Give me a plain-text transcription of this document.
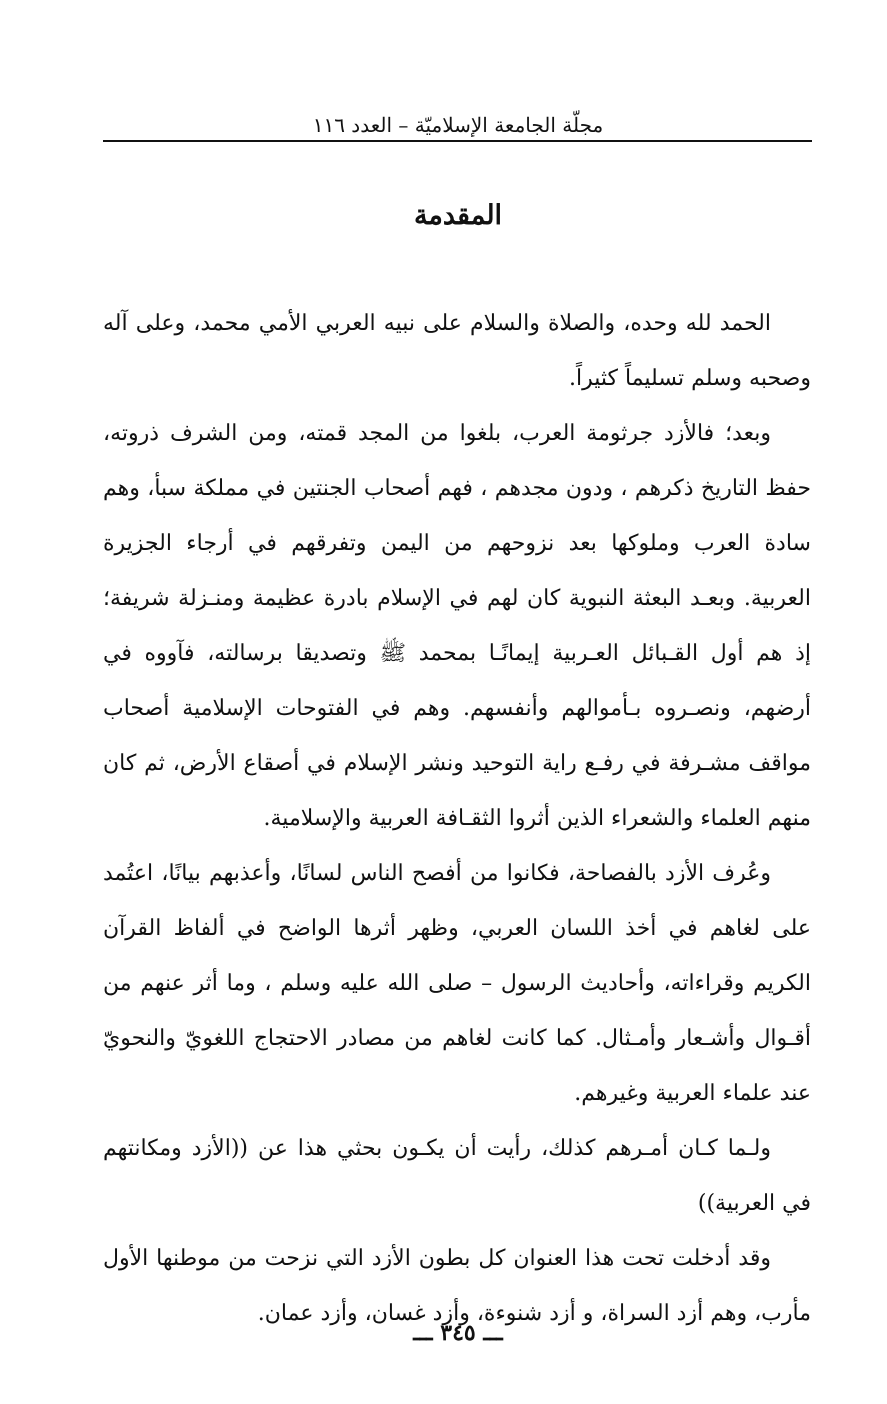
مجلّة الجامعة الإسلاميّة – العدد ١١٦
المقدمة

الحمد لله وحده، والصلاة والسلام على نبيه العربي الأمي محمد، وعلى آله وصحبه وسلم تسليماً كثيراً.

وبعد؛ فالأزد جرثومة العرب، بلغوا من المجد قمته، ومن الشرف ذروته، حفظ التاريخ ذكرهم ، ودون مجدهم ، فهم أصحاب الجنتين في مملكة سبأ، وهم سادة العرب وملوكها بعد نزوحهم من اليمن وتفرقهم في أرجاء الجزيرة العربية. وبعـد البعثة النبوية كان لهم في الإسلام بادرة عظيمة ومنـزلة شريفة؛ إذ هم أول القـبائل العـربية إيمانًـا بمحمد ﷺ وتصديقا برسالته، فآووه في أرضهم، ونصـروه بـأموالهم وأنفسهم. وهم في الفتوحات الإسلامية أصحاب مواقف مشـرفة في رفـع راية التوحيد ونشر الإسلام في أصقاع الأرض، ثم كان منهم العلماء والشعراء الذين أثروا الثقـافة العربية والإسلامية.

وعُرف الأزد بالفصاحة، فكانوا من أفصح الناس لسانًا، وأعذبهم بيانًا، اعتُمد على لغاهم في أخذ اللسان العربي، وظهر أثرها الواضح في ألفاظ القرآن الكريم وقراءاته، وأحاديث الرسول – صلى الله عليه وسلم ، وما أثر عنهم من أقـوال وأشـعار وأمـثال. كما كانت لغاهم من مصادر الاحتجاج اللغويّ والنحويّ عند علماء العربية وغيرهم.

ولـما كـان أمـرهم كذلك، رأيت أن يكـون بحثي هذا عن ((الأزد ومكانتهم في العربية))

وقد أدخلت تحت هذا العنوان كل بطون الأزد التي نزحت من موطنها الأول مأرب، وهم أزد السراة، و أزد شنوءة، وأزد غسان، وأزد عمان.

ـــ ٣٤٥ ـــ
